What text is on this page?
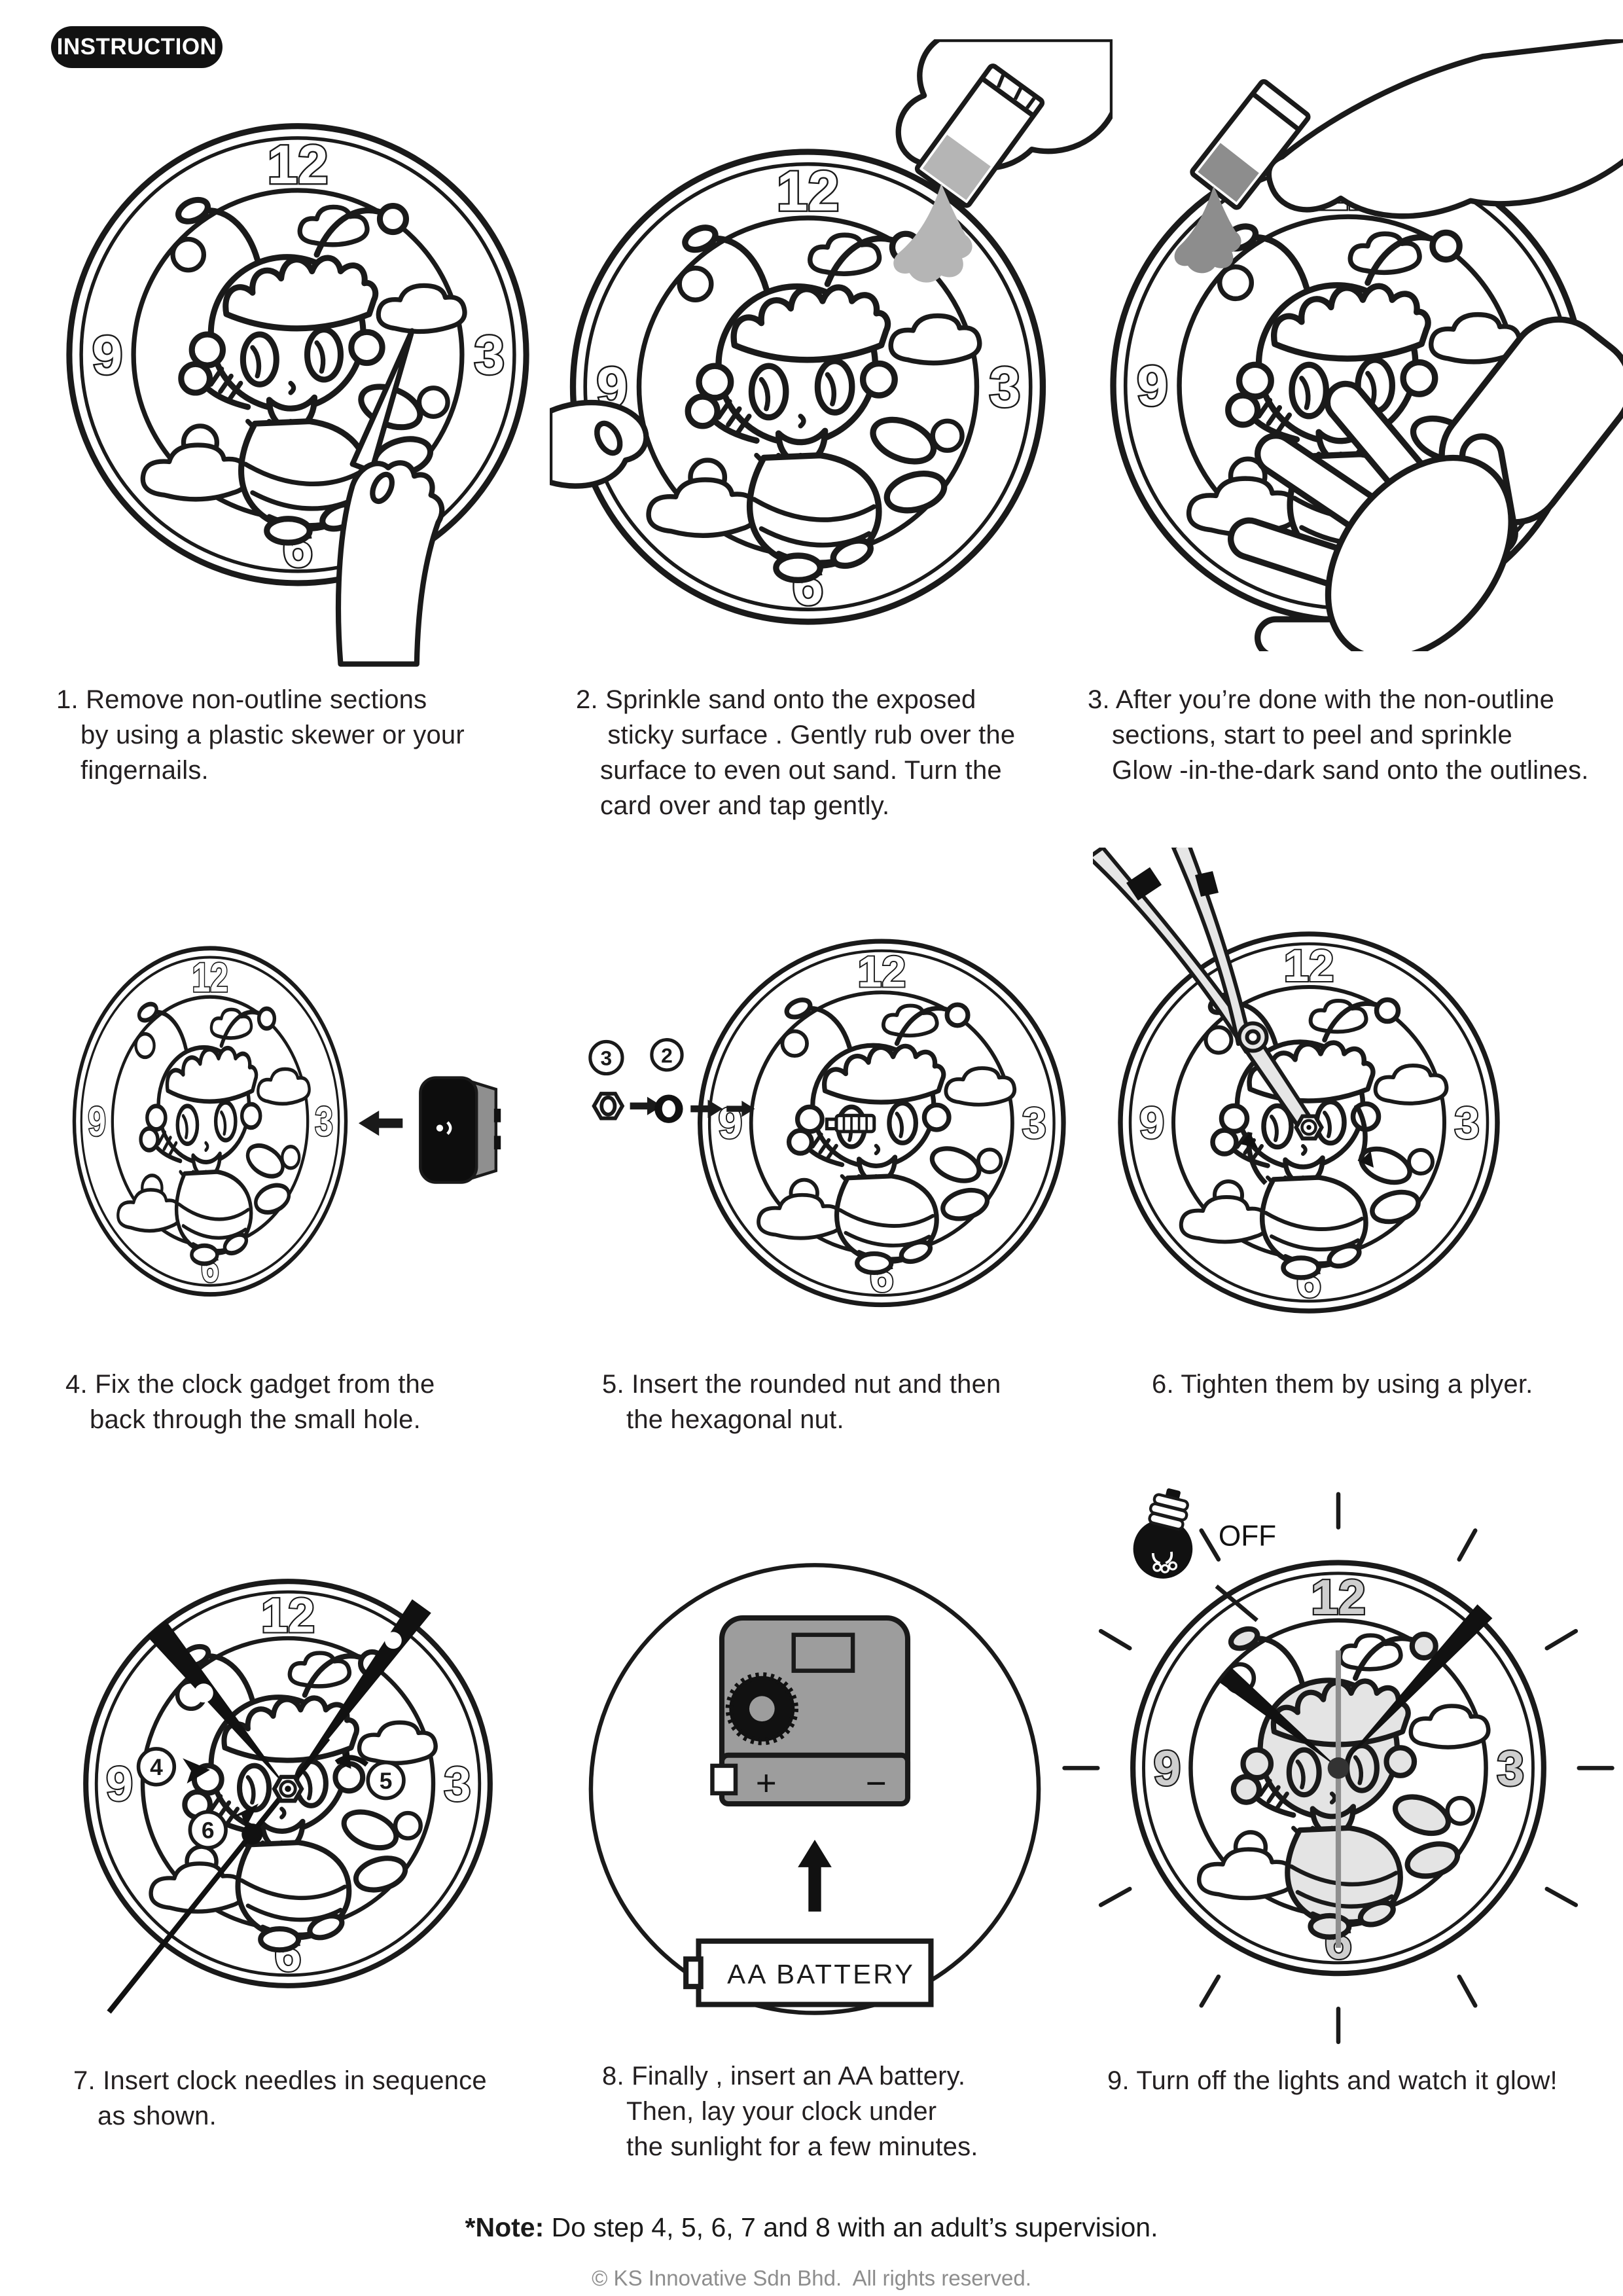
INSTRUCTION
3	2
4
5
6
+	−
AA BATTERY
OFF
1. Remove non-outline sections
by using a plastic skewer or your
fingernails.
2. Sprinkle sand onto the exposed
sticky surface . Gently rub over the
surface to even out sand. Turn the
card over and tap gently.
3. After you’re done with the non-outline
sections, start to peel and sprinkle
Glow -in-the-dark sand onto the outlines.
4. Fix the clock gadget from the
back through the small hole.
5. Insert the rounded nut and then
the hexagonal nut.
6. Tighten them by using a plyer.
7. Insert clock needles in sequence
as shown.
8. Finally , insert an AA battery.
Then, lay your clock under
the sunlight for a few minutes.
9. Turn off the lights and watch it glow!
*Note: Do step 4, 5, 6, 7 and 8 with an adult’s supervision.
© KS Innovative Sdn Bhd.  All rights reserved.
